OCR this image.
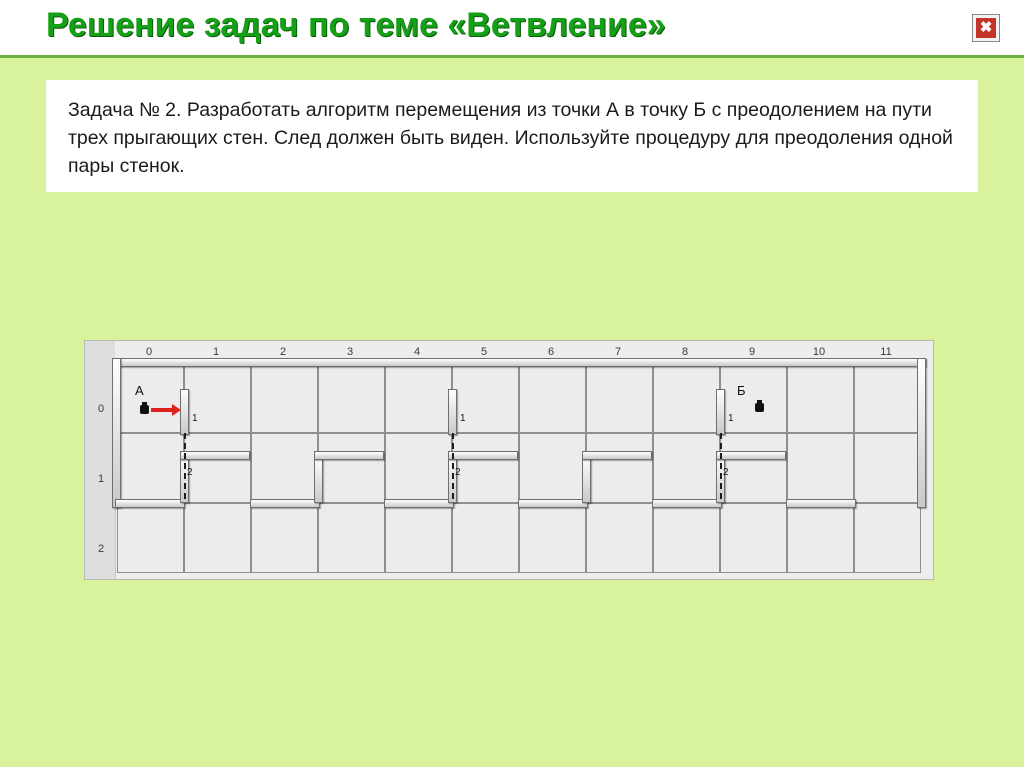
Решение задач по теме «Ветвление»	✖
Задача № 2. Разработать алгоритм перемещения из точки А в точку Б с преодолением на пути трех прыгающих стен. След должен быть виден. Используйте процедуру для преодоления одной пары стенок.
0	1	2	3	4	5	6	7	8	9	10	11
0
1
2
1	1	1
2	2	2
А	Б
